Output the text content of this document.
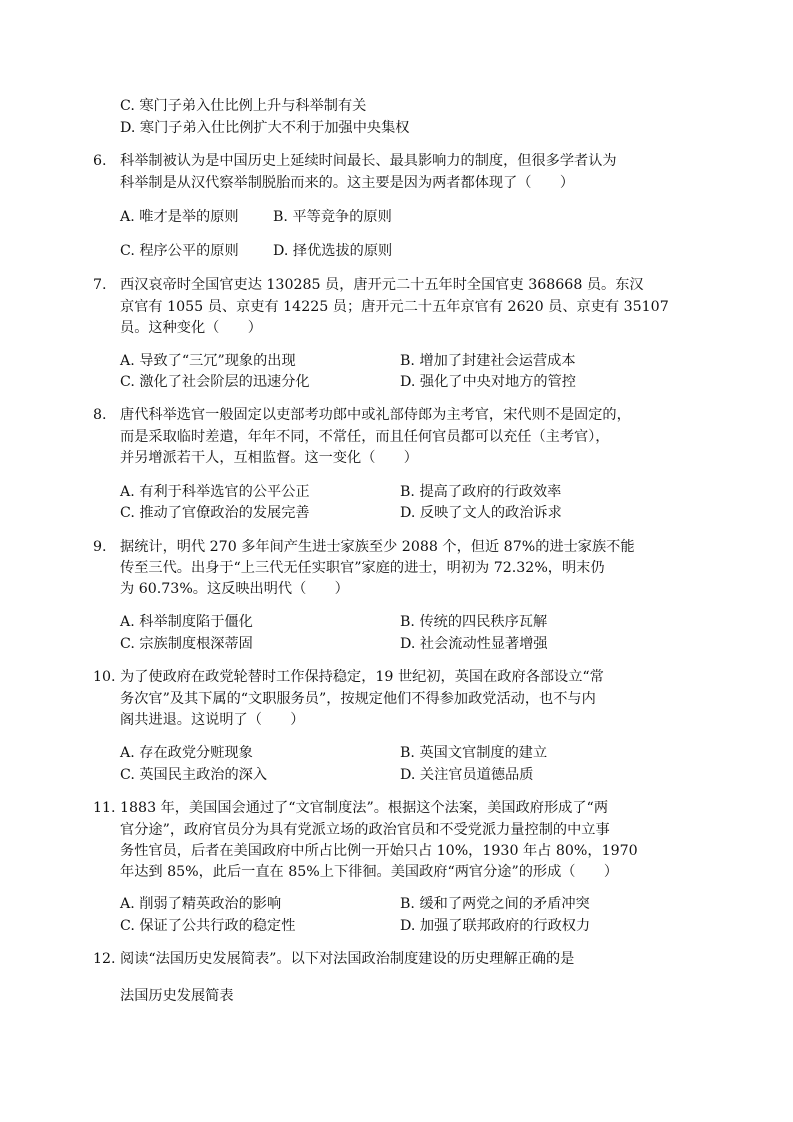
C. 寒门子弟入仕比例上升与科举制有关
D. 寒门子弟入仕比例扩大不利于加强中央集权
6. 科举制被认为是中国历史上延续时间最长、最具影响力的制度，但很多学者认为
科举制是从汉代察举制脱胎而来的。这主要是因为两者都体现了（　　）
A. 唯才是举的原则 B. 平等竞争的原则
C. 程序公平的原则 D. 择优选拔的原则
7. 西汉哀帝时全国官吏达 130285 员，唐开元二十五年时全国官吏 368668 员。东汉
京官有 1055 员、京吏有 14225 员；唐开元二十五年京官有 2620 员、京吏有 35107
员。这种变化（　　）
A. 导致了“三冗”现象的出现	B. 增加了封建社会运营成本
C. 激化了社会阶层的迅速分化	D. 强化了中央对地方的管控
8. 唐代科举选官一般固定以吏部考功郎中或礼部侍郎为主考官，宋代则不是固定的，
而是采取临时差遣，年年不同，不常任，而且任何官员都可以充任（主考官），
并另增派若干人，互相监督。这一变化（　　）
A. 有利于科举选官的公平公正	B. 提高了政府的行政效率
C. 推动了官僚政治的发展完善	D. 反映了文人的政治诉求
9. 据统计，明代 270 多年间产生进士家族至少 2088 个，但近 87%的进士家族不能
传至三代。出身于“上三代无任实职官”家庭的进士，明初为 72.32%，明末仍
为 60.73%。这反映出明代（　　）
A. 科举制度陷于僵化	B. 传统的四民秩序瓦解
C. 宗族制度根深蒂固	D. 社会流动性显著增强
10. 为了使政府在政党轮替时工作保持稳定，19 世纪初，英国在政府各部设立“常
务次官”及其下属的“文职服务员”，按规定他们不得参加政党活动，也不与内
阁共进退。这说明了（　　）
A. 存在政党分赃现象	B. 英国文官制度的建立
C. 英国民主政治的深入	D. 关注官员道德品质
11. 1883 年，美国国会通过了“文官制度法”。根据这个法案，美国政府形成了“两
官分途”，政府官员分为具有党派立场的政治官员和不受党派力量控制的中立事
务性官员，后者在美国政府中所占比例一开始只占 10%，1930 年占 80%，1970
年达到 85%，此后一直在 85%上下徘徊。美国政府“两官分途”的形成（　　）
A. 削弱了精英政治的影响	B. 缓和了两党之间的矛盾冲突
C. 保证了公共行政的稳定性	D. 加强了联邦政府的行政权力
12. 阅读“法国历史发展简表”。以下对法国政治制度建设的历史理解正确的是
法国历史发展简表
